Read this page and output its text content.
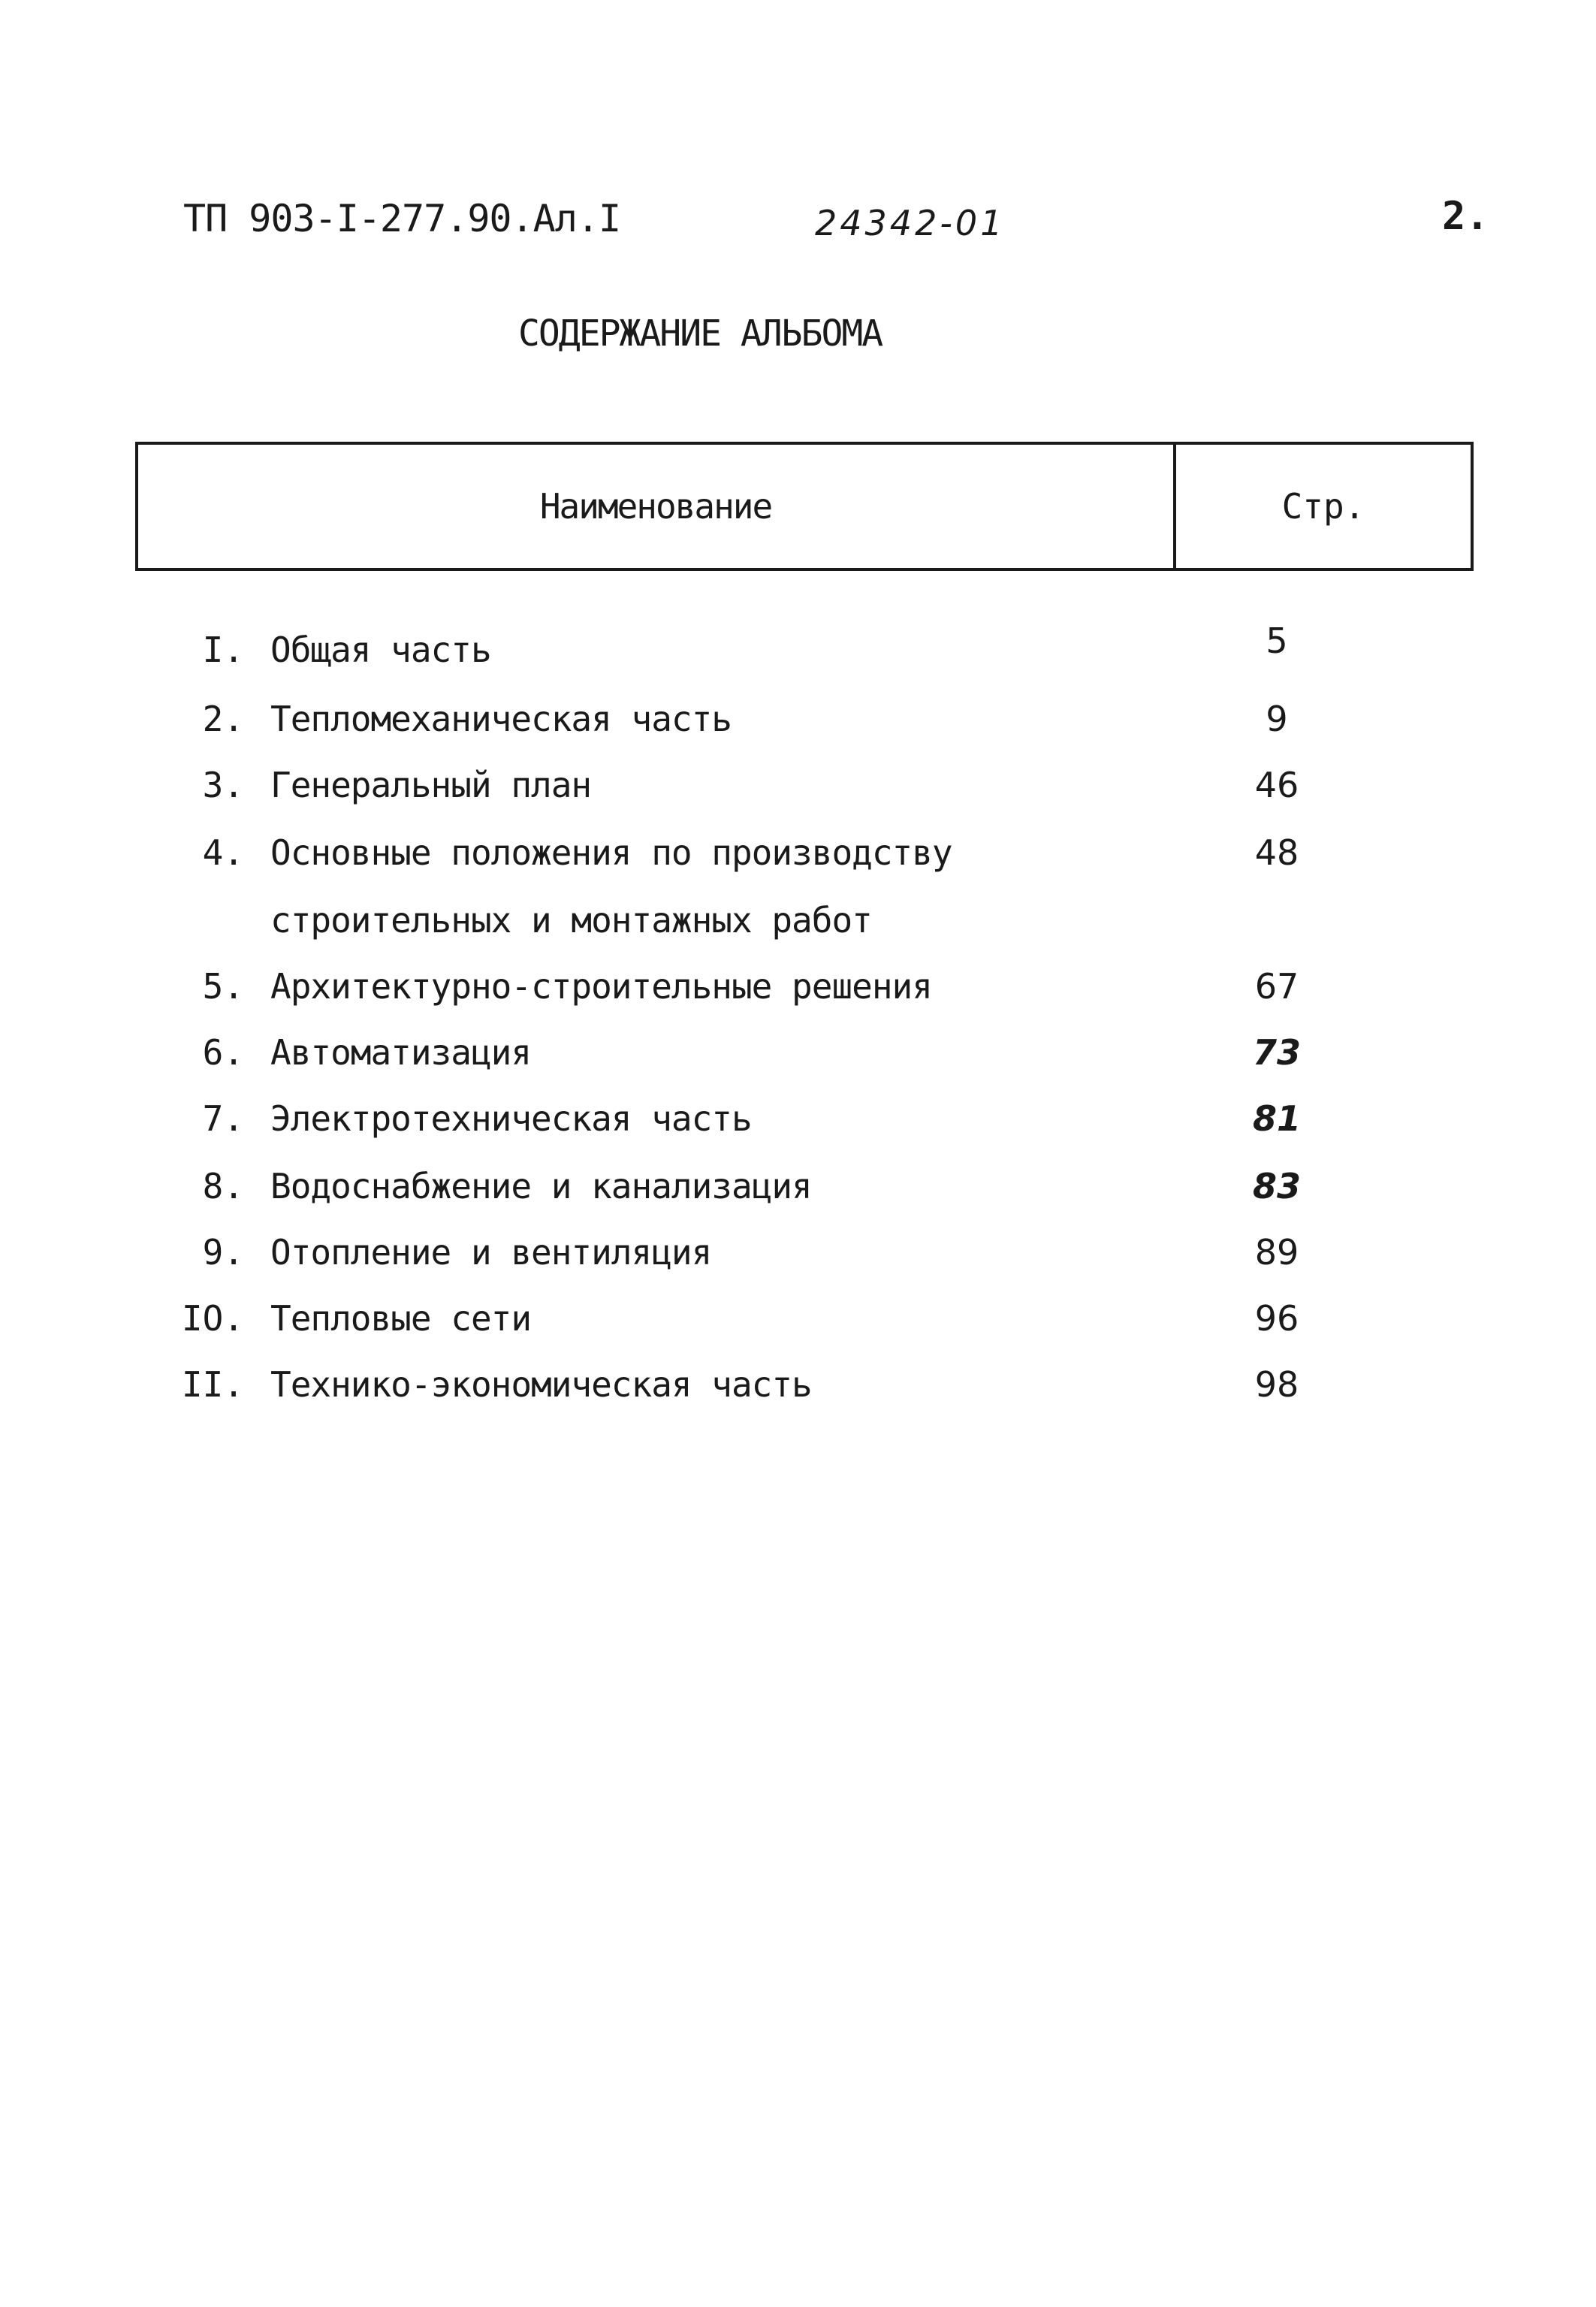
ТП 903-I-277.90.Ал.I	24342-01	2.
СОДЕРЖАНИЕ АЛЬБОМА
Наименование	Стр.
I. Общая часть	5
2. Тепломеханическая часть	9
3. Генеральный план	46
4. Основные положения по производству	48
строительных и монтажных работ
5. Архитектурно-строительные решения	67
6. Автоматизация	73
7. Электротехническая часть	81
8. Водоснабжение и канализация	83
9. Отопление и вентиляция	89
IO. Тепловые сети	96
II. Технико-экономическая часть	98
